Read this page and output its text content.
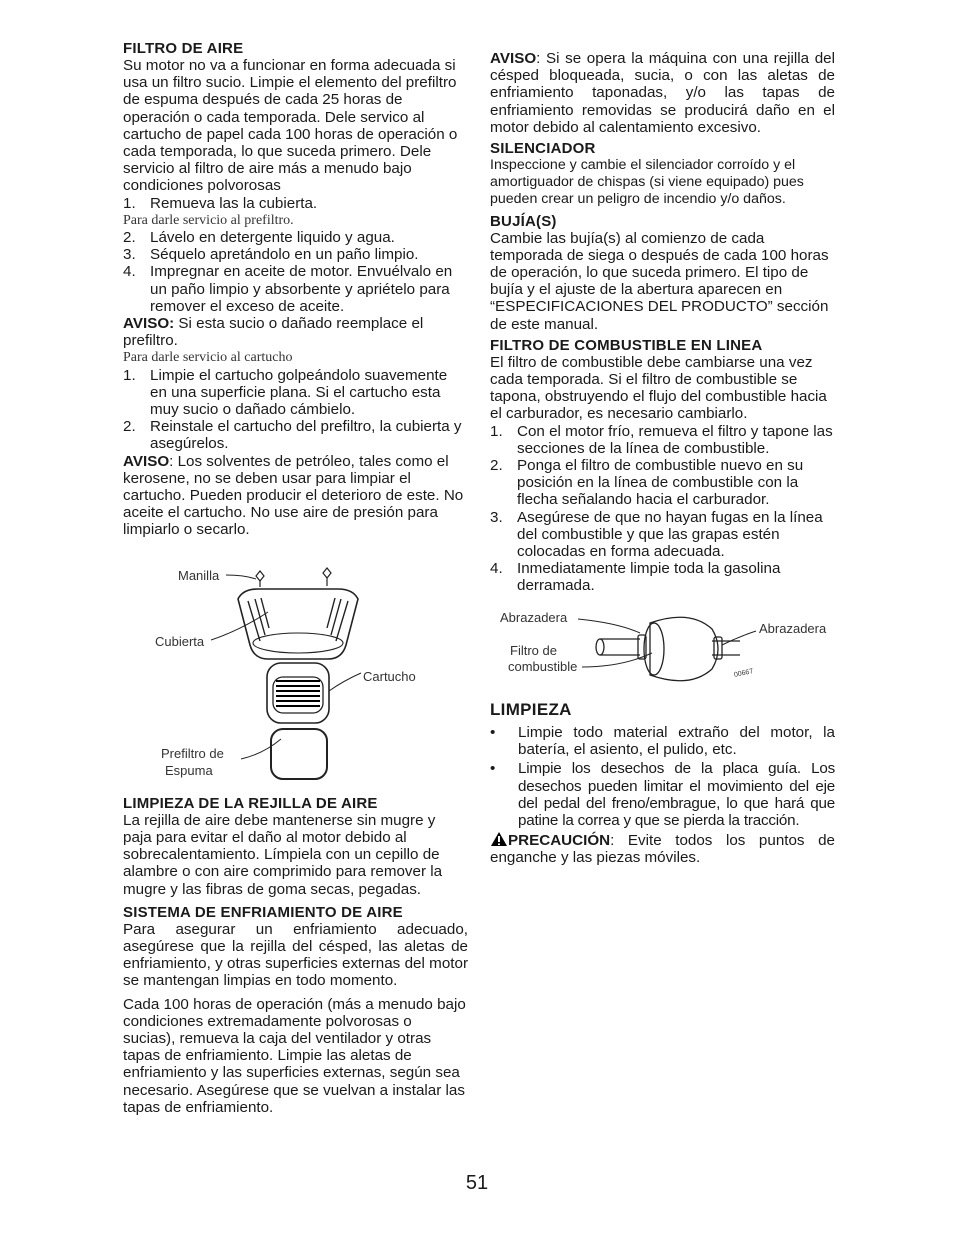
FILTRO DE AIRE

Su motor no va a funcionar en forma adecuada si usa un filtro sucio. Limpie el elemento del prefiltro de espuma después de cada 25 horas de operación o cada temporada. Dele servico al cartucho de papel cada 100 horas de operación o cada temporada, lo que suceda primero. Dele servicio al filtro de aire más a menudo bajo condiciones polvorosas

1. Remueva las la cubierta.

Para darle servicio al prefiltro.

2. Lávelo en detergente liquido y agua.
3. Séquelo apretándolo en un paño limpio.
4. Impregnar en aceite de motor. Envuélvalo en un paño limpio y absorbente y apriételo para remover el exceso de aceite.

AVISO: Si esta sucio o dañado reemplace el prefiltro.

Para darle servicio al cartucho

1. Limpie el cartucho golpeándolo suavemente en una superficie plana. Si el cartucho esta muy sucio o dañado cámbielo.
2. Reinstale el cartucho del prefiltro, la cubierta y asegúrelos.

AVISO: Los solventes de petróleo, tales como el kerosene, no se deben usar para limpiar el cartucho. Pueden producir el deterioro de este. No aceite el cartucho. No use aire de presión para limpiarlo o secarlo.

Manilla
Cubierta
Cartucho
Prefiltro de
Espuma
LIMPIEZA DE LA REJILLA DE AIRE

La rejilla de aire debe mantenerse sin mugre y paja para evitar el daño al motor debido al sobrecalentamiento. Límpiela con un cepillo de alambre o con aire comprimido para remover la mugre y las fibras de goma secas, pegadas.

SISTEMA DE ENFRIAMIENTO DE AIRE

Para asegurar un enfriamiento adecuado, asegúrese que la rejilla del césped, las aletas de enfriamiento, y otras superficies externas del motor se mantengan limpias en todo momento.

Cada 100 horas de operación (más a menudo bajo condiciones extremadamente polvorosas o sucias), remueva la caja del ventilador y otras tapas de enfriamiento. Limpie las aletas de enfriamiento y las superficies externas, según sea necesario. Asegúrese que se vuelvan a instalar las tapas de enfriamiento.

AVISO: Si se opera la máquina con una rejilla del césped bloqueada, sucia, o con las aletas de enfriamiento taponadas, y/o las tapas de enfriamiento removidas se producirá daño en el motor debido al calentamiento excesivo.

SILENCIADOR

Inspeccione y cambie el silenciador corroído y el amortiguador de chispas (si viene equipado) pues pueden crear un peligro de incendio y/o daños.

BUJÍA(S)

Cambie las bujía(s) al comienzo de cada temporada de siega o después de cada 100 horas de operación, lo que suceda primero. El tipo de bujía y el ajuste de la abertura aparecen en “ESPECIFICACIONES DEL PRODUCTO” sección de este manual.

FILTRO DE COMBUSTIBLE EN LINEA

El filtro de combustible debe cambiarse una vez cada temporada. Si el filtro de combustible se tapona, obstruyendo el flujo del combustible hacia el carburador, es necesario cambiarlo.

1. Con el motor frío, remueva el filtro y tapone las secciones de la línea de combustible.
2. Ponga el filtro de combustible nuevo en su posición en la línea de combustible con la flecha señalando hacia el carburador.
3. Asegúrese de que no hayan fugas en la línea del combustible y que las grapas estén colocadas en forma adecuada.
4. Inmediatamente limpie toda la gasolina derramada.
Abrazadera
Abrazadera
Filtro de
combustible	00667
LIMPIEZA
• Limpie todo material extraño del motor, la batería, el asiento, el pulido, etc.
• Limpie los desechos de la placa guía. Los desechos pueden limitar el movimiento del eje del pedal del freno/embrague, lo que hará que patine la correa y que se pierda la tracción.

PRECAUCIÓN: Evite todos los puntos de enganche y las piezas móviles.

51
